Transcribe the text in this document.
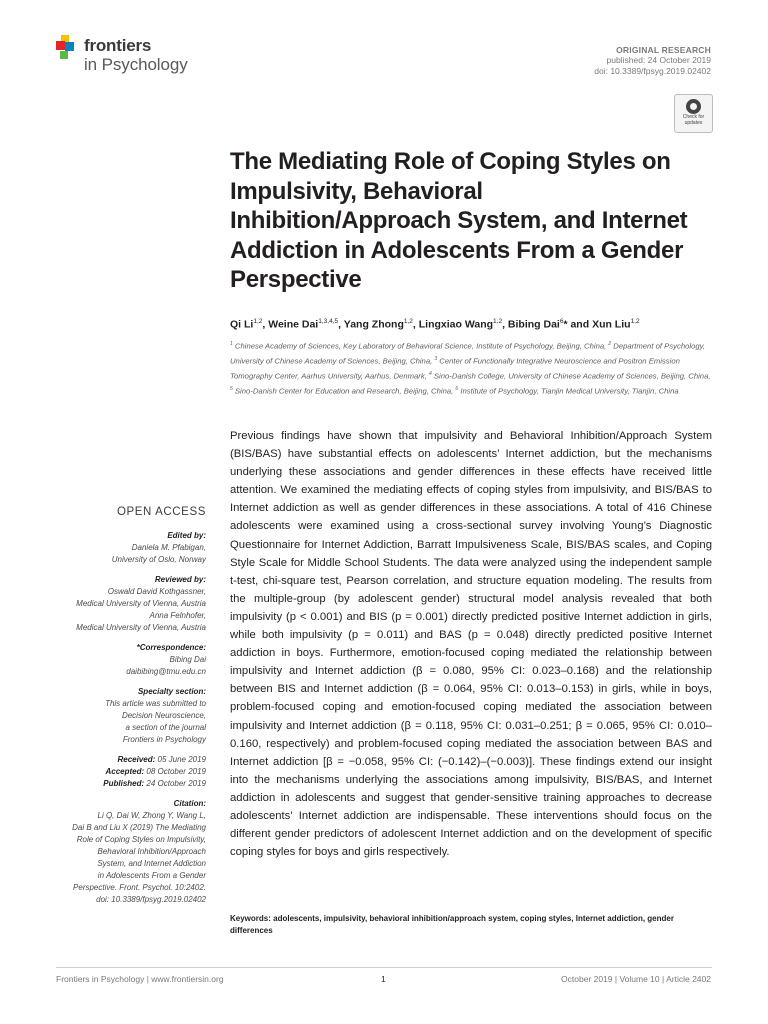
frontiers
in Psychology
ORIGINAL RESEARCH
published: 24 October 2019
doi: 10.3389/fpsyg.2019.02402
Check for updates
The Mediating Role of Coping Styles on Impulsivity, Behavioral Inhibition/Approach System, and Internet Addiction in Adolescents From a Gender Perspective
Qi Li$^{1,2}$, Weine Dai$^{1,3,4,5}$, Yang Zhong$^{1,2}$, Lingxiao Wang$^{1,2}$, Bibing Dai$^6$* and Xun Liu$^{1,2}$
$^1$ Chinese Academy of Sciences, Key Laboratory of Behavioral Science, Institute of Psychology, Beijing, China, $^2$ Department of Psychology, University of Chinese Academy of Sciences, Beijing, China, $^3$ Center of Functionally Integrative Neuroscience and Positron Emission Tomography Center, Aarhus University, Aarhus, Denmark, $^4$ Sino-Danish College, University of Chinese Academy of Sciences, Beijing, China, $^5$ Sino-Danish Center for Education and Research, Beijing, China, $^6$ Institute of Psychology, Tianjin Medical University, Tianjin, China
Previous findings have shown that impulsivity and Behavioral Inhibition/Approach System (BIS/BAS) have substantial effects on adolescents’ Internet addiction, but the mechanisms underlying these associations and gender differences in these effects have received little attention. We examined the mediating effects of coping styles from impulsivity, and BIS/BAS to Internet addiction as well as gender differences in these associations. A total of 416 Chinese adolescents were examined using a cross-sectional survey involving Young’s Diagnostic Questionnaire for Internet Addiction, Barratt Impulsiveness Scale, BIS/BAS scales, and Coping Style Scale for Middle School Students. The data were analyzed using the independent sample t-test, chi-square test, Pearson correlation, and structure equation modeling. The results from the multiple-group (by adolescent gender) structural model analysis revealed that both impulsivity (p < 0.001) and BIS (p = 0.001) directly predicted positive Internet addiction in girls, while both impulsivity (p = 0.011) and BAS (p = 0.048) directly predicted positive Internet addiction in boys. Furthermore, emotion-focused coping mediated the relationship between impulsivity and Internet addiction (β = 0.080, 95% CI: 0.023–0.168) and the relationship between BIS and Internet addiction (β = 0.064, 95% CI: 0.013–0.153) in girls, while in boys, problem-focused coping and emotion-focused coping mediated the association between impulsivity and Internet addiction (β = 0.118, 95% CI: 0.031–0.251; β = 0.065, 95% CI: 0.010–0.160, respectively) and problem-focused coping mediated the association between BAS and Internet addiction [β = −0.058, 95% CI: (−0.142)–(−0.003)]. These findings extend our insight into the mechanisms underlying the associations among impulsivity, BIS/BAS, and Internet addiction in adolescents and suggest that gender-sensitive training approaches to decrease adolescents’ Internet addiction are indispensable. These interventions should focus on the different gender predictors of adolescent Internet addiction and on the development of specific coping styles for boys and girls respectively.
Keywords: adolescents, impulsivity, behavioral inhibition/approach system, coping styles, Internet addiction, gender differences
OPEN ACCESS
Edited by:
Daniela M. Pfabigan,
University of Oslo, Norway
Reviewed by:
Oswald David Kothgassner,
Medical University of Vienna, Austria
Anna Felnhofer,
Medical University of Vienna, Austria
*Correspondence:
Bibing Dai
daibibing@tmu.edu.cn
Specialty section:
This article was submitted to
Decision Neuroscience,
a section of the journal
Frontiers in Psychology
Received: 05 June 2019
Accepted: 08 October 2019
Published: 24 October 2019
Citation:
Li Q, Dai W, Zhong Y, Wang L,
Dai B and Liu X (2019) The Mediating
Role of Coping Styles on Impulsivity,
Behavioral Inhibition/Approach
System, and Internet Addiction
in Adolescents From a Gender
Perspective. Front. Psychol. 10:2402.
doi: 10.3389/fpsyg.2019.02402
Frontiers in Psychology | www.frontiersin.org	1	October 2019 | Volume 10 | Article 2402
